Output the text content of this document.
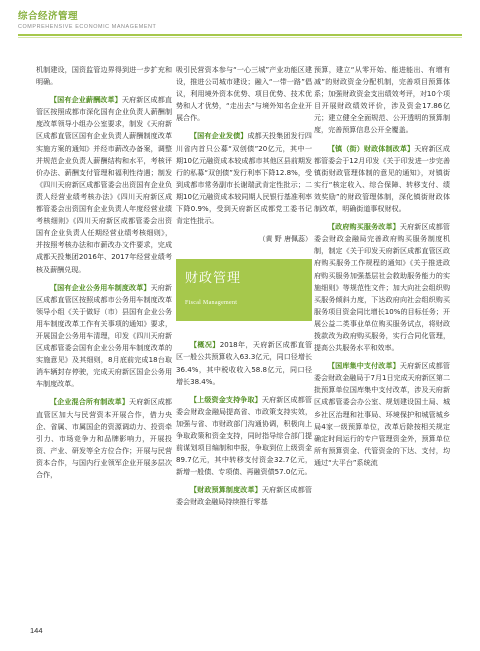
综合经济管理
COMPREHENSIVE ECONOMIC MANAGEMENT

机制建设，国资监管边界得到进一步扩充和明确。

【国有企业薪酬改革】天府新区成都直管区按照成都市深化国有企业负责人薪酬制度改革领导小组办公室要求，制发《天府新区成都直管区国有企业负责人薪酬制度改革实施方案的通知》并经市薪改办备案，调整并规范企业负责人薪酬结构和水平，考核评价办法、薪酬支付管理和福利性待遇；制发《四川天府新区成都管委会出资国有企业负责人经营业绩考核办法》《四川天府新区成都管委会出资国有企业负责人年度经营业绩考核细则》《四川天府新区成都管委会出资国有企业负责人任期经营业绩考核细则》，并按照考核办法和市薪改办文件要求，完成成都天投集团2016年、2017年经营业绩考核及薪酬兑现。

【国有企业公务用车制度改革】天府新区成都直管区按照成都市公务用车制度改革领导小组《关于做好（市）县国有企业公务用车制度改革工作有关事项的通知》要求，开展国企公务用车清理，印发《四川天府新区成都管委会国有企业公务用车制度改革的实施意见》及其细则，8月底前完成18台取消车辆封存停驶，完成天府新区国企公务用车制度改革。

【企业混合所有制改革】天府新区成都直管区加大与民营资本开展合作，借力央企、省属、市属国企的资源调动力、投资牵引力、市场竞争力和品牌影响力，开展投资、产业、研发等全方位合作；开展与民营资本合作，与国内行业领军企业开展多层次合作，

吸引民营资本参与“一心三城”产业功能区建设，推进公司城市建设；融入“一带一路”倡议，利用境外资本优势、项目优势、技术优势和人才优势，“走出去”与境外知名企业开展合作。

【国有企业发债】成都天投集团发行四川省内首只公募“双创债”20亿元，其中一期10亿元融资成本较成都市其他区县前期发行的私募“双创债”发行利率下降12.8%，受到成都市常务副市长谢瑞武肯定性批示；二期10亿元融资成本较同期人民银行基准利率下降0.9%，受到天府新区成都党工委书记肯定性批示。

（黄 野 唐佩蕊）

财政管理
Fiscal Management

【概况】2018年，天府新区成都直管区一般公共预算收入63.3亿元，同口径增长36.4%，其中税收收入58.8亿元，同口径增长38.4%。

【上级资金支持争取】天府新区成都管委会财政金融局提高省、市政策支持实效，加强与省、市财政部门沟通协调，积极向上争取政策和资金支持，同时指导综合部门提前谋划项目编制和申报，争取到位上级资金89.7亿元，其中转移支付资金32.7亿元，新增一般债、专项债、再融资债57.0亿元。

【财政预算制度改革】天府新区成都管委会财政金融局持续推行零基

预算，建立“从零开始、能进能出、有增有减”的财政资金分配机制，完善项目预算体系；加强财政资金支出绩效考评，对10个项目开展财政绩效评价，涉及资金17.86亿元；建立健全全面规范、公开透明的预算制度，完善预算信息公开全覆盖。

【镇（街）财政体制改革】天府新区成都管委会于12月印发《关于印发进一步完善镇街财政管理体制的意见的通知》，对镇街实行“核定收入、综合保障、转移支付、绩效奖励”的财政管理体制，深化镇街财政体制改革，明确街道事权财权。

【政府购买服务改革】天府新区成都管委会财政金融局完善政府购买服务制度机制，制定《关于印发天府新区成都直管区政府购买服务工作规程的通知》《关于推进政府购买服务加强基层社会救助服务能力的实施细则》等规范性文件；加大向社会组织购买服务倾斜力度，下达政府向社会组织购买服务项目资金同比增长10%的目标任务；开展公益二类事业单位购买服务试点，将财政拨款改为政府购买服务，实行合同化管理，提高公共服务水平和效率。

【国库集中支付改革】天府新区成都管委会财政金融局于7月1日完成天府新区第二批预算单位国库集中支付改革，涉及天府新区成都管委会办公室、规划建设国土局、城乡社区治理和社事局、环境保护和城管城乡局4家一级预算单位，改革后除按相关规定确定时间运行的专户管理资金外，预算单位所有预算资金、代管资金的下达、支付，均通过“大平台”系统流

144
